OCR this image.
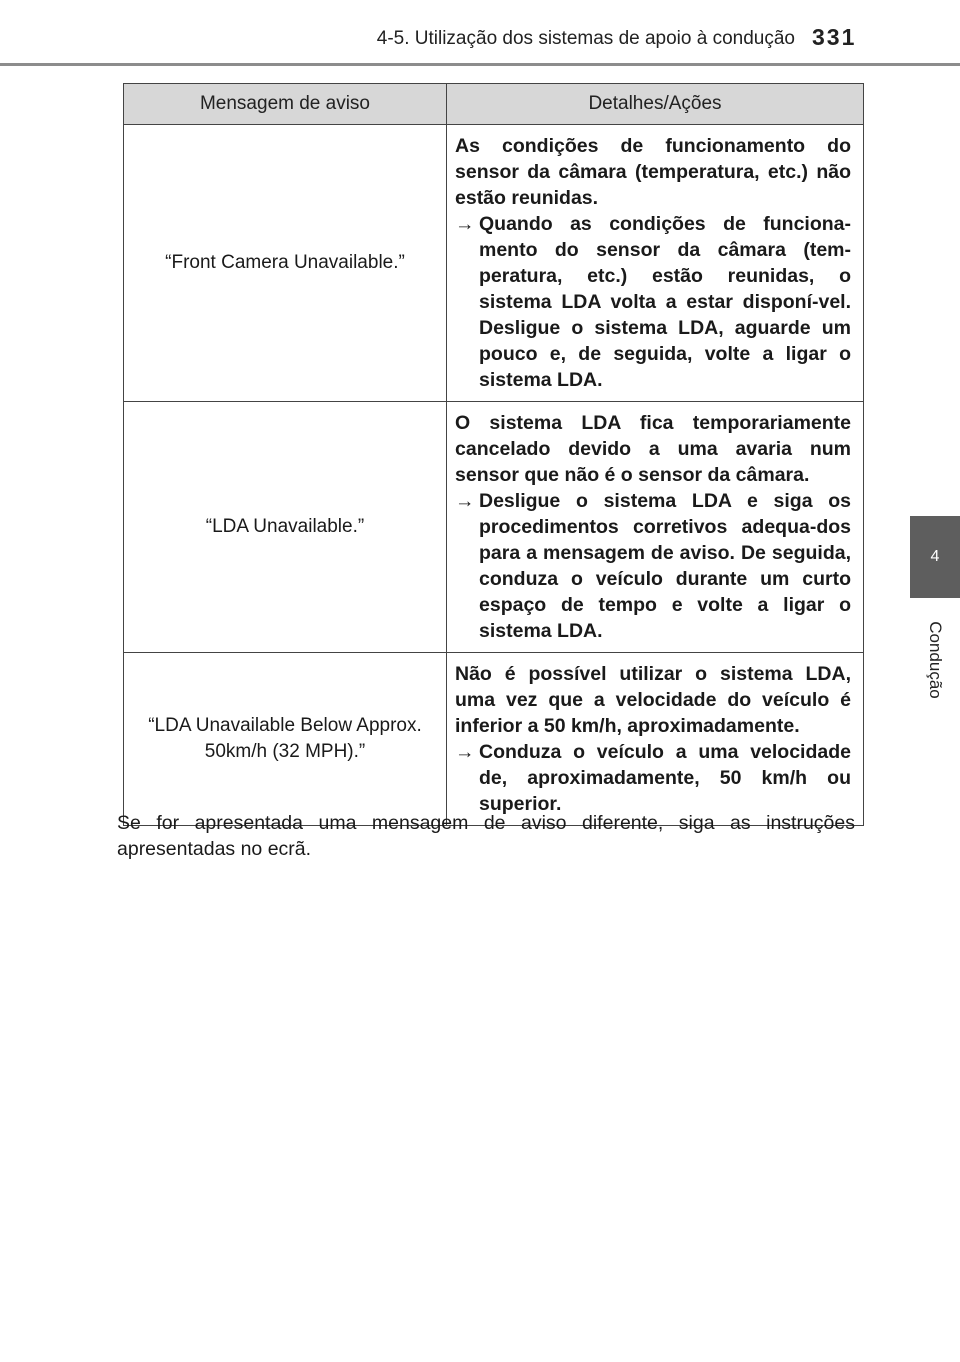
4-5. Utilização dos sistemas de apoio à condução 331
4
Condução
Mensagem de aviso	Detalhes/Ações
“Front Camera Unavailable.”	As condições de funcionamento do sensor da câmara (temperatura, etc.) não estão reunidas.
→ Quando as condições de funciona-mento do sensor da câmara (tem-peratura, etc.) estão reunidas, o sistema LDA volta a estar disponí-vel. Desligue o sistema LDA, aguarde um pouco e, de seguida, volte a ligar o sistema LDA.

“LDA Unavailable.”	O sistema LDA fica temporariamente cancelado devido a uma avaria num sensor que não é o sensor da câmara.
→ Desligue o sistema LDA e siga os procedimentos corretivos adequa-dos para a mensagem de aviso. De seguida, conduza o veículo durante um curto espaço de tempo e volte a ligar o sistema LDA.

“LDA Unavailable Below Approx. 50km/h (32 MPH).”	Não é possível utilizar o sistema LDA, uma vez que a velocidade do veículo é inferior a 50 km/h, aproximadamente.
→ Conduza o veículo a uma velocidade de, aproximadamente, 50 km/h ou superior.
Se for apresentada uma mensagem de aviso diferente, siga as instruções apresentadas no ecrã.
